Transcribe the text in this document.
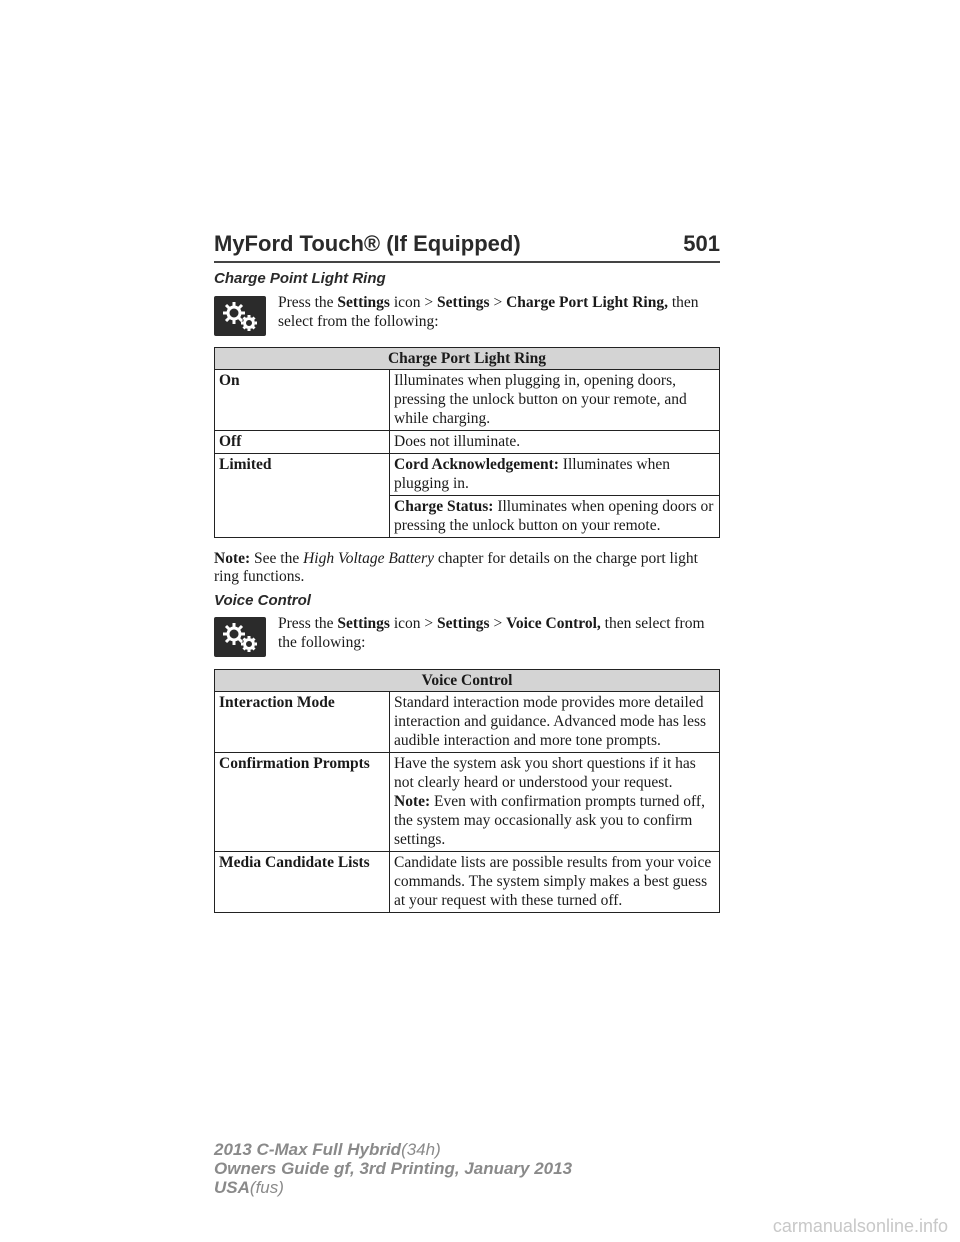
MyFord Touch® (If Equipped)	501
Charge Point Light Ring
Press the Settings icon > Settings > Charge Port Light Ring, then select from the following:
Charge Port Light Ring	
On	Illuminates when plugging in, opening doors, pressing the unlock button on your remote, and while charging.
Off	Does not illuminate.
Limited	Cord Acknowledgement: Illuminates when plugging in.
	Charge Status: Illuminates when opening doors or pressing the unlock button on your remote.
Note: See the High Voltage Battery chapter for details on the charge port light ring functions.
Voice Control
Press the Settings icon > Settings > Voice Control, then select from the following:
Voice Control	
Interaction Mode	Standard interaction mode provides more detailed interaction and guidance. Advanced mode has less audible interaction and more tone prompts.
Confirmation Prompts	Have the system ask you short questions if it has not clearly heard or understood your request.
Note: Even with confirmation prompts turned off, the system may occasionally ask you to confirm settings.

Media Candidate Lists	Candidate lists are possible results from your voice commands. The system simply makes a best guess at your request with these turned off.
2013 C-Max Full Hybrid(34h)
Owners Guide gf, 3rd Printing, January 2013
USA(fus)
carmanualsonline.info
